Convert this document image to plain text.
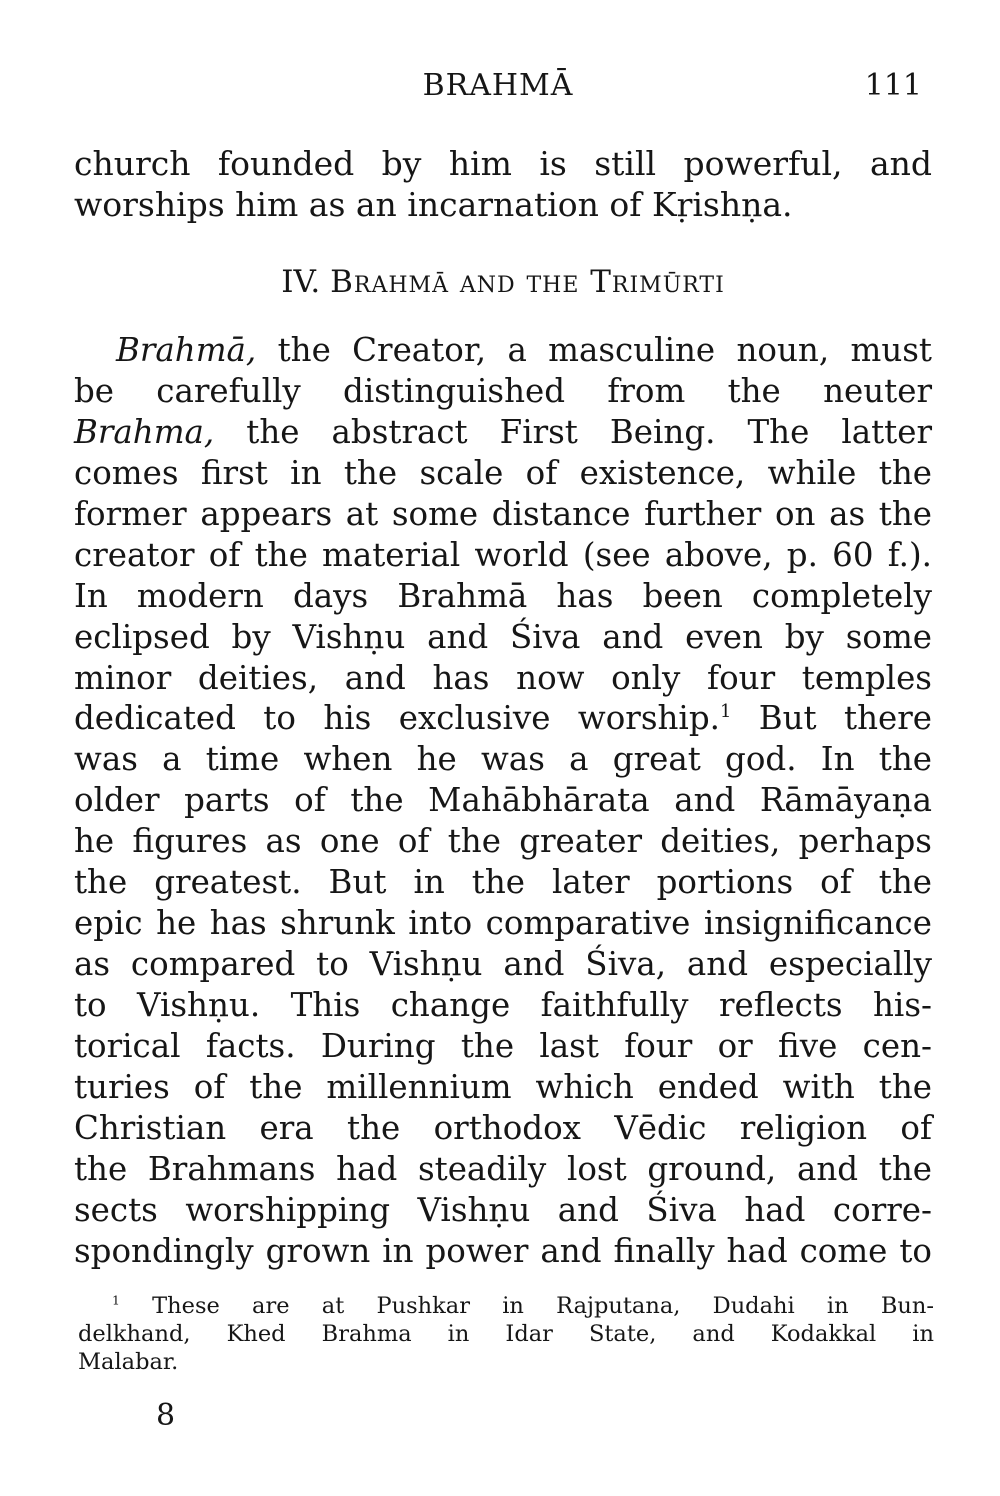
BRAHMĀ	111
church founded by him is still powerful, and
worships him as an incarnation of Kṛishṇa.
IV. Brahmā and the Trimūrti
Brahmā, the Creator, a masculine noun, must
be carefully distinguished from the neuter
Brahma, the abstract First Being. The latter
comes first in the scale of existence, while the
former appears at some distance further on as the
creator of the material world (see above, p. 60 f.).
In modern days Brahmā has been completely
eclipsed by Vishṇu and Śiva and even by some
minor deities, and has now only four temples
dedicated to his exclusive worship.$^1$ But there
was a time when he was a great god. In the
older parts of the Mahābhārata and Rāmāyaṇa
he figures as one of the greater deities, perhaps
the greatest. But in the later portions of the
epic he has shrunk into comparative insignificance
as compared to Vishṇu and Śiva, and especially
to Vishṇu. This change faithfully reflects his-
torical facts. During the last four or five cen-
turies of the millennium which ended with the
Christian era the orthodox Vēdic religion of
the Brahmans had steadily lost ground, and the
sects worshipping Vishṇu and Śiva had corre-
spondingly grown in power and finally had come to
$^1$ These are at Pushkar in Rajputana, Dudahi in Bun-
delkhand, Khed Brahma in Idar State, and Kodakkal in
Malabar.
8
